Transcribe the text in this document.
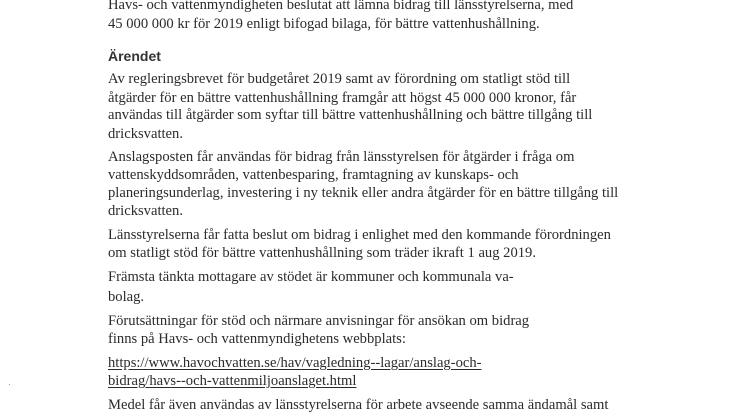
Havs- och vattenmyndigheten beslutat att lämna bidrag till länsstyrelserna, med
45 000 000 kr för 2019 enligt bifogad bilaga, för bättre vattenhushållning.
Ärendet
Av regleringsbrevet för budgetåret 2019 samt av förordning om statligt stöd till
åtgärder för en bättre vattenhushållning framgår att högst 45 000 000 kronor, får
användas till åtgärder som syftar till bättre vattenhushållning och bättre tillgång till
dricksvatten.
Anslagsposten får användas för bidrag från länsstyrelsen för åtgärder i fråga om
vattenskyddsområden, vattenbesparing, framtagning av kunskaps- och
planeringsunderlag, investering i ny teknik eller andra åtgärder för en bättre tillgång till
dricksvatten.
Länsstyrelserna får fatta beslut om bidrag i enlighet med den kommande förordningen
om statligt stöd för bättre vattenhushållning som träder ikraft 1 aug 2019.
Främsta tänkta mottagare av stödet är kommuner och kommunala va-
bolag.
Förutsättningar för stöd och närmare anvisningar för ansökan om bidrag
finns på Havs- och vattenmyndighetens webbplats:
https://www.havochvatten.se/hav/vagledning--lagar/anslag-och-
bidrag/havs--och-vattenmiljoanslaget.html
Medel får även användas av länsstyrelserna för arbete avseende samma ändamål samt
